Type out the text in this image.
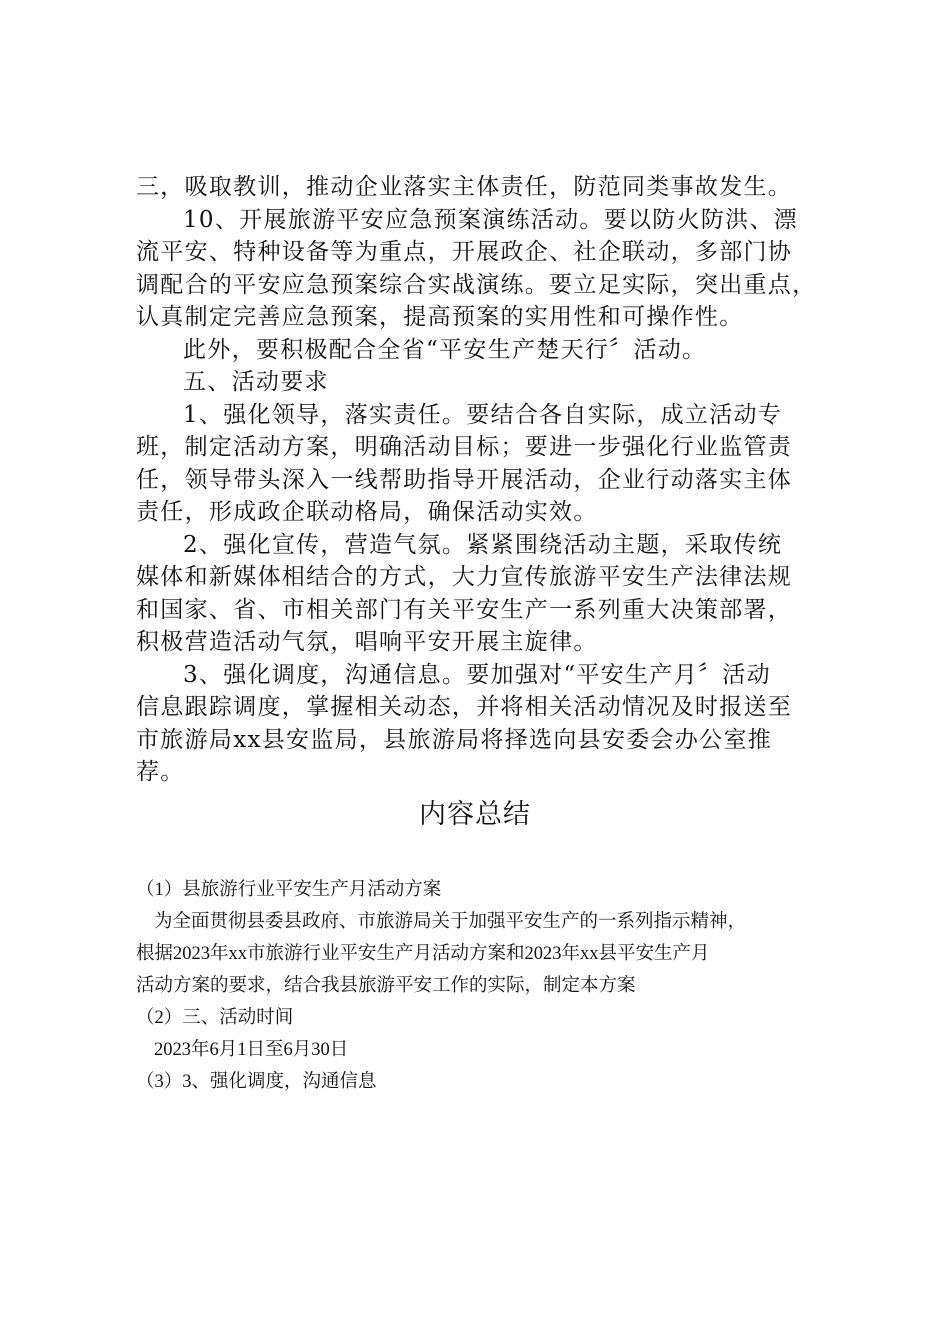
三，吸取教训，推动企业落实主体责任，防范同类事故发生。

10、开展旅游平安应急预案演练活动。要以防火防洪、漂

流平安、特种设备等为重点，开展政企、社企联动，多部门协

调配合的平安应急预案综合实战演练。要立足实际，突出重点，

认真制定完善应急预案，提高预案的实用性和可操作性。

此外，要积极配合全省“平安生产楚天行〞活动。

五、活动要求

1、强化领导，落实责任。要结合各自实际，成立活动专

班，制定活动方案，明确活动目标；要进一步强化行业监管责

任，领导带头深入一线帮助指导开展活动，企业行动落实主体

责任，形成政企联动格局，确保活动实效。

2、强化宣传，营造气氛。紧紧围绕活动主题，采取传统

媒体和新媒体相结合的方式，大力宣传旅游平安生产法律法规

和国家、省、市相关部门有关平安生产一系列重大决策部署，

积极营造活动气氛，唱响平安开展主旋律。

3、强化调度，沟通信息。要加强对“平安生产月〞活动

信息跟踪调度，掌握相关动态，并将相关活动情况及时报送至

市旅游局xx县安监局，县旅游局将择选向县安委会办公室推

荐。

内容总结

（1）县旅游行业平安生产月活动方案

为全面贯彻县委县政府、市旅游局关于加强平安生产的一系列指示精神，

根据2023年xx市旅游行业平安生产月活动方案和2023年xx县平安生产月

活动方案的要求，结合我县旅游平安工作的实际，制定本方案

（2）三、活动时间

2023年6月1日至6月30日

（3）3、强化调度，沟通信息
